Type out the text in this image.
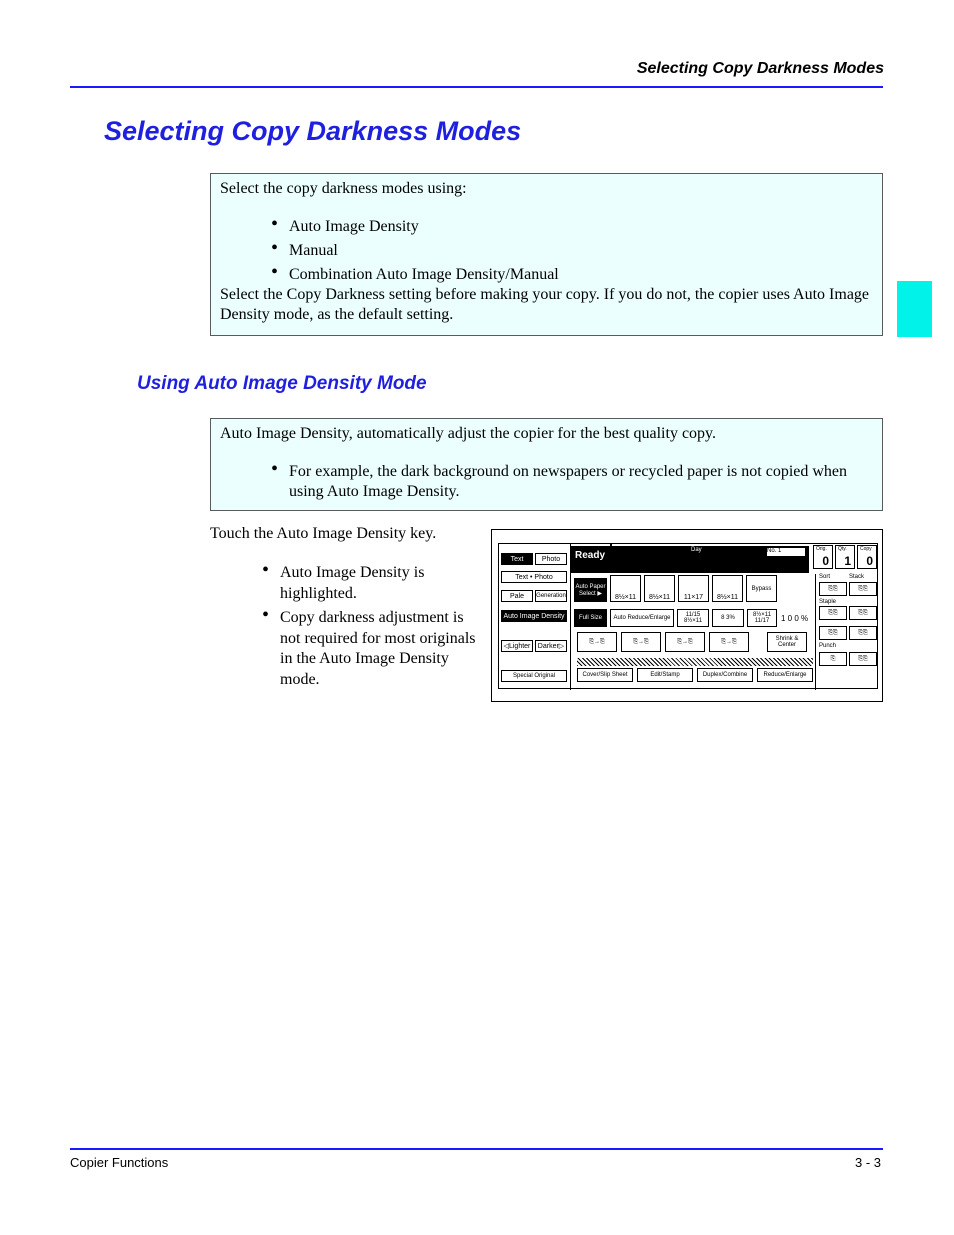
Selecting Copy Darkness Modes
Selecting Copy Darkness Modes

Select the copy darkness modes using:

• Auto Image Density
• Manual
• Combination Auto Image Density/Manual

Select the Copy Darkness setting before making your copy. If you do not, the copier uses Auto Image Density mode, as the default setting.

Using Auto Image Density Mode

Auto Image Density, automatically adjust the copier for the best quality copy.

• For example, the dark background on newspapers or recycled paper is not copied when using Auto Image Density.
Touch the Auto Image Density key.
• Auto Image Density is highlighted.
• Copy darkness adjustment is not required for most originals in the Auto Image Density mode.
Text	Photo
Text • Photo
Pale	Generation
Auto Image Density
◁Lighter	Darker▷
Special Original
Ready	Day	No. 1	Orig.
0
Qty.
1
Copy
0
Auto Paper Select ▶
8½×11	8½×11	11×17	8½×11
Bypass
Full Size	Auto Reduce/Enlarge	11/15 8½×11	8 3%	8½×11 11/17	1 0 0 %
⎘→⎘	⎘→⎘	⎘→⎘	⎘→⎘	Shrink & Center
Cover/Slip Sheet	Edit/Stamp	Duplex/Combine	Reduce/Enlarge
Sort	Stack
⎘⎘	⎘⎘
Staple
⎘⎘	⎘⎘
⎘⎘	⎘⎘
Punch
⎘	⎘⎘
Copier Functions	3 - 3
